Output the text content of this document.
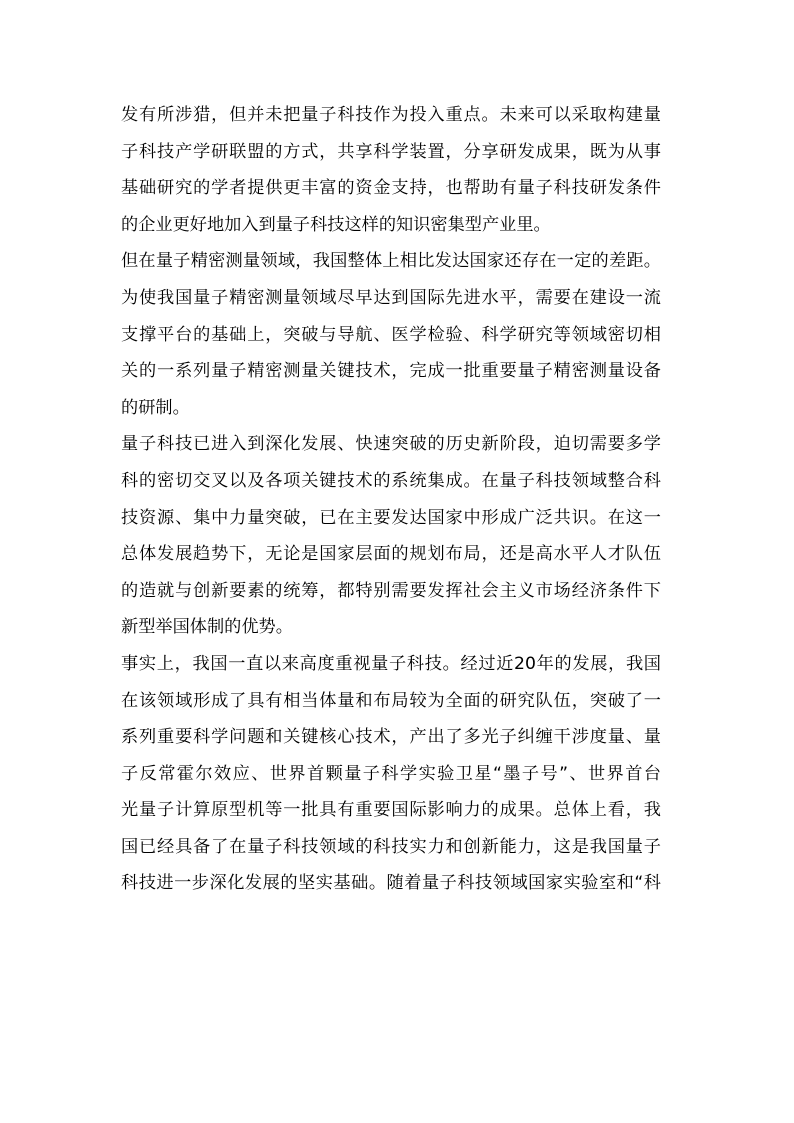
发有所涉猎，但并未把量子科技作为投入重点。未来可以采取构建量
子科技产学研联盟的方式，共享科学装置，分享研发成果，既为从事
基础研究的学者提供更丰富的资金支持，也帮助有量子科技研发条件
的企业更好地加入到量子科技这样的知识密集型产业里。
但在量子精密测量领域，我国整体上相比发达国家还存在一定的差距。
为使我国量子精密测量领域尽早达到国际先进水平，需要在建设一流
支撑平台的基础上，突破与导航、医学检验、科学研究等领域密切相
关的一系列量子精密测量关键技术，完成一批重要量子精密测量设备
的研制。
量子科技已进入到深化发展、快速突破的历史新阶段，迫切需要多学
科的密切交叉以及各项关键技术的系统集成。在量子科技领域整合科
技资源、集中力量突破，已在主要发达国家中形成广泛共识。在这一
总体发展趋势下，无论是国家层面的规划布局，还是高水平人才队伍
的造就与创新要素的统筹，都特别需要发挥社会主义市场经济条件下
新型举国体制的优势。
事实上，我国一直以来高度重视量子科技。经过近20年的发展，我国
在该领域形成了具有相当体量和布局较为全面的研究队伍，突破了一
系列重要科学问题和关键核心技术，产出了多光子纠缠干涉度量、量
子反常霍尔效应、世界首颗量子科学实验卫星“墨子号”、世界首台
光量子计算原型机等一批具有重要国际影响力的成果。总体上看，我
国已经具备了在量子科技领域的科技实力和创新能力，这是我国量子
科技进一步深化发展的坚实基础。随着量子科技领域国家实验室和“科
